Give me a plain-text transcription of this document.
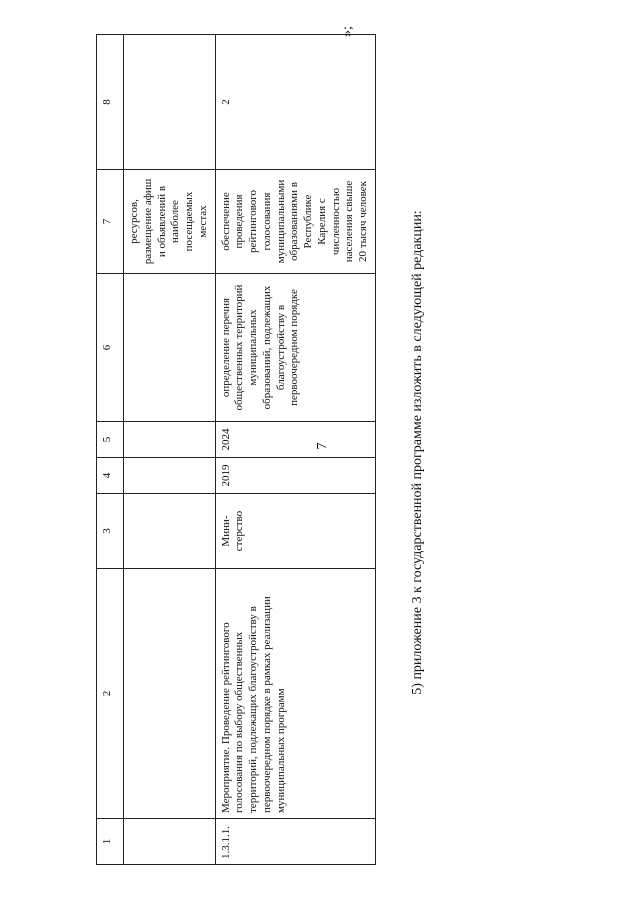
7
1	2	3	4	5	6	7	8
						ресурсов, размещение афиш и объявлений в наиболее посещаемых местах	
1.3.1.1.	Мероприятие. Проведение рейтингового голосования по выбору общественных территорий, подлежащих благоустройству в первоочередном порядке в рамках реализации муниципальных программ	Мини-стерство	2019	2024	определение перечня общественных территорий муниципальных образований, подлежащих благоустройству в первоочередном порядке	обеспечение проведения рейтингового голосования муниципальными образованиями в Республике Карелия с численностью населения свыше 20 тысяч человек	2
»;
5) приложение 3 к государственной программе изложить в следующей редакции:
